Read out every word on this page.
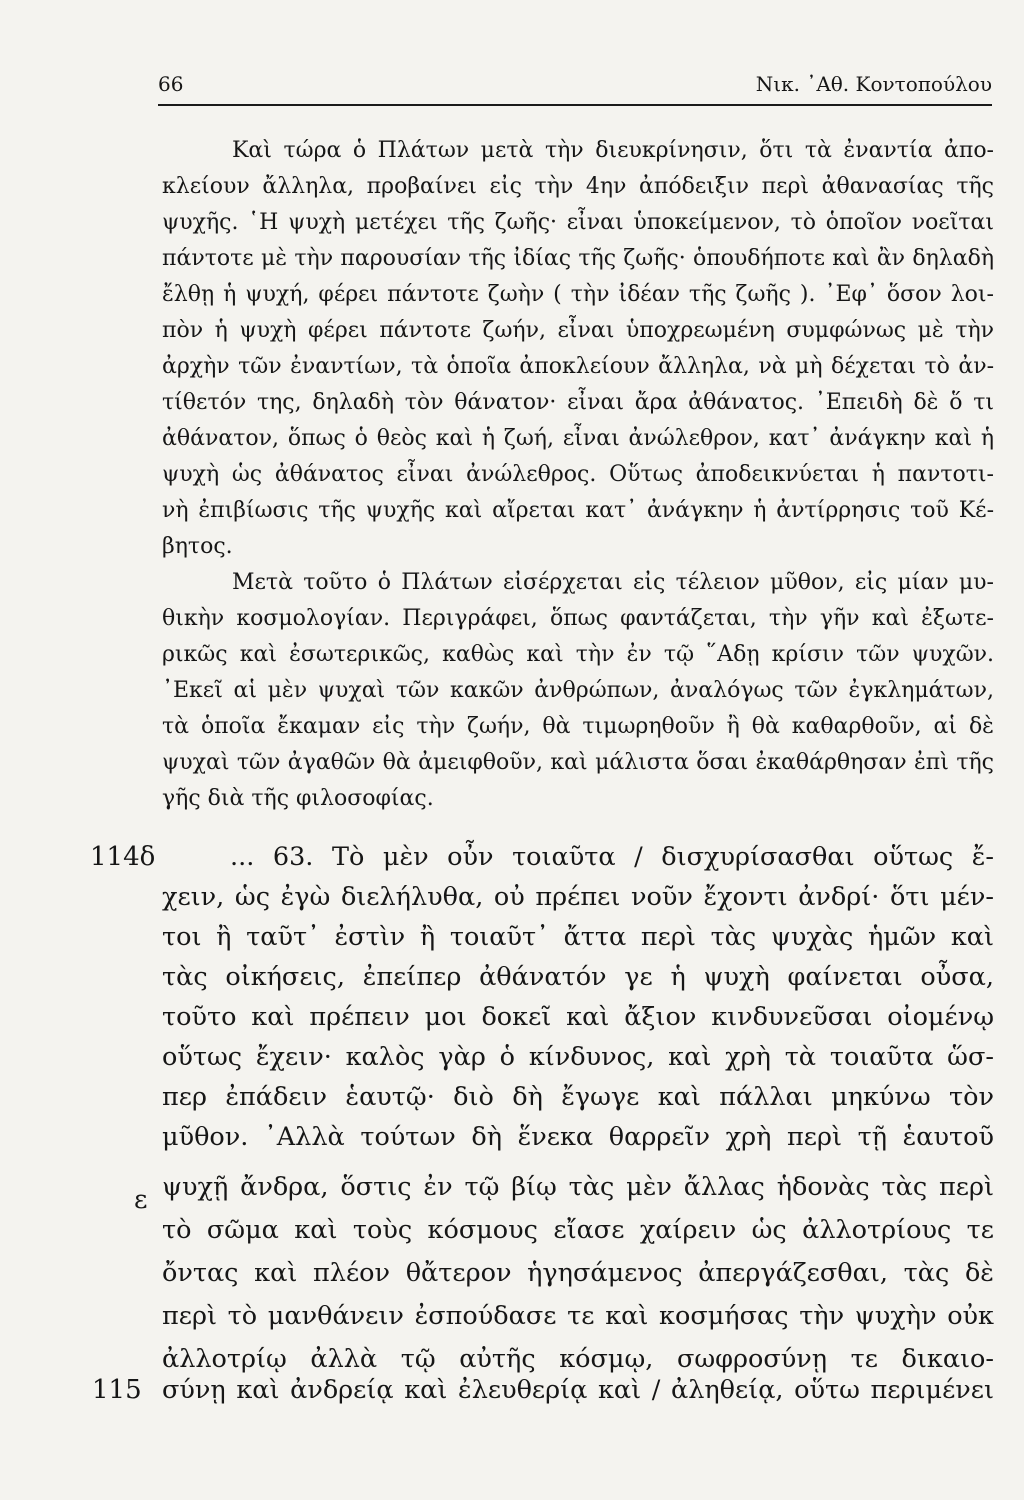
66	Νικ. ᾿Αθ. Κοντοπούλου
Καὶ τώρα ὁ Πλάτων μετὰ τὴν διευκρίνησιν, ὅτι τὰ ἐναντία ἀπο-
κλείουν ἄλληλα, προβαίνει εἰς τὴν 4ην ἀπόδειξιν περὶ ἀθανασίας τῆς
ψυχῆς. ῾Η ψυχὴ μετέχει τῆς ζωῆς· εἶναι ὑποκείμενον, τὸ ὁποῖον νοεῖται
πάντοτε μὲ τὴν παρουσίαν τῆς ἰδίας τῆς ζωῆς· ὁπουδήποτε καὶ ἂν δηλαδὴ
ἔλθῃ ἡ ψυχή, φέρει πάντοτε ζωὴν ( τὴν ἰδέαν τῆς ζωῆς ). ᾿Εφ᾿ ὅσον λοι-
πὸν ἡ ψυχὴ φέρει πάντοτε ζωήν, εἶναι ὑποχρεωμένη συμφώνως μὲ τὴν
ἀρχὴν τῶν ἐναντίων, τὰ ὁποῖα ἀποκλείουν ἄλληλα, νὰ μὴ δέχεται τὸ ἀν-
τίθετόν της, δηλαδὴ τὸν θάνατον· εἶναι ἄρα ἀθάνατος. ᾿Επειδὴ δὲ ὅ τι
ἀθάνατον, ὅπως ὁ θεὸς καὶ ἡ ζωή, εἶναι ἀνώλεθρον, κατ᾿ ἀνάγκην καὶ ἡ
ψυχὴ ὡς ἀθάνατος εἶναι ἀνώλεθρος. Οὕτως ἀποδεικνύεται ἡ παντοτι-
νὴ ἐπιβίωσις τῆς ψυχῆς καὶ αἴρεται κατ᾿ ἀνάγκην ἡ ἀντίρρησις τοῦ Κέ-
βητος.
Μετὰ τοῦτο ὁ Πλάτων εἰσέρχεται εἰς τέλειον μῦθον, εἰς μίαν μυ-
θικὴν κοσμολογίαν. Περιγράφει, ὅπως φαντάζεται, τὴν γῆν καὶ ἐξωτε-
ρικῶς καὶ ἐσωτερικῶς, καθὼς καὶ τὴν ἐν τῷ ῞Αδῃ κρίσιν τῶν ψυχῶν.
᾿Εκεῖ αἱ μὲν ψυχαὶ τῶν κακῶν ἀνθρώπων, ἀναλόγως τῶν ἐγκλημάτων,
τὰ ὁποῖα ἔκαμαν εἰς τὴν ζωήν, θὰ τιμωρηθοῦν ἢ θὰ καθαρθοῦν, αἱ δὲ
ψυχαὶ τῶν ἀγαθῶν θὰ ἀμειφθοῦν, καὶ μάλιστα ὅσαι ἐκαθάρθησαν ἐπὶ τῆς
γῆς διὰ τῆς φιλοσοφίας.
114δ
ε
115
... 63. Τὸ μὲν οὖν τοιαῦτα / δισχυρίσασθαι οὕτως ἔ-
χειν, ὡς ἐγὼ διελήλυθα, οὐ πρέπει νοῦν ἔχοντι ἀνδρί· ὅτι μέν-
τοι ἢ ταῦτ᾿ ἐστὶν ἢ τοιαῦτ᾿ ἄττα περὶ τὰς ψυχὰς ἡμῶν καὶ
τὰς οἰκήσεις, ἐπείπερ ἀθάνατόν γε ἡ ψυχὴ φαίνεται οὖσα,
τοῦτο καὶ πρέπειν μοι δοκεῖ καὶ ἄξιον κινδυνεῦσαι οἰομένῳ
οὕτως ἔχειν· καλὸς γὰρ ὁ κίνδυνος, καὶ χρὴ τὰ τοιαῦτα ὥσ-
περ ἐπάδειν ἑαυτῷ· διὸ δὴ ἔγωγε καὶ πάλλαι μηκύνω τὸν
μῦθον. ᾿Αλλὰ τούτων δὴ ἕνεκα θαρρεῖν χρὴ περὶ τῇ ἑαυτοῦ
ψυχῇ ἄνδρα, ὅστις ἐν τῷ βίῳ τὰς μὲν ἄλλας ἡδονὰς τὰς περὶ
τὸ σῶμα καὶ τοὺς κόσμους εἴασε χαίρειν ὡς ἀλλοτρίους τε
ὄντας καὶ πλέον θἄτερον ἡγησάμενος ἀπεργάζεσθαι, τὰς δὲ
περὶ τὸ μανθάνειν ἐσπούδασε τε καὶ κοσμήσας τὴν ψυχὴν οὐκ
ἀλλοτρίῳ ἀλλὰ τῷ αὐτῆς κόσμῳ, σωφροσύνῃ τε δικαιο-
σύνῃ καὶ ἀνδρείᾳ καὶ ἐλευθερίᾳ καὶ / ἀληθείᾳ, οὕτω περιμένει
